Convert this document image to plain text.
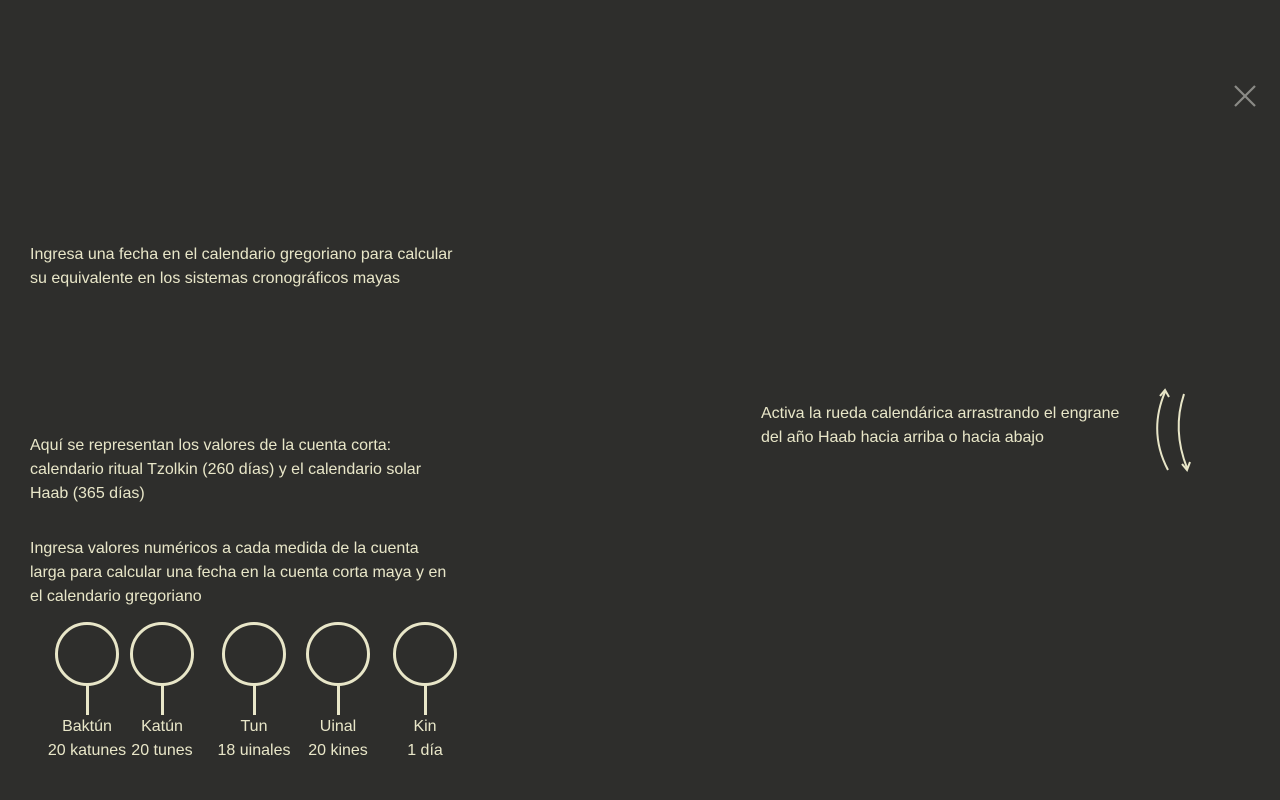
Ingresa una fecha en el calendario gregoriano para calcular su equivalente en los sistemas cronográficos mayas

Aquí se representan los valores de la cuenta corta: calendario ritual Tzolkin (260 días) y el calendario solar Haab (365 días)

Ingresa valores numéricos a cada medida de la cuenta larga para calcular una fecha en la cuenta corta maya y en el calendario gregoriano

Activa la rueda calendárica arrastrando el engrane del año Haab hacia arriba o hacia abajo

Baktún
20 katunes
Katún
20 tunes
Tun
18 uinales
Uinal
20 kines
Kin
1 día
